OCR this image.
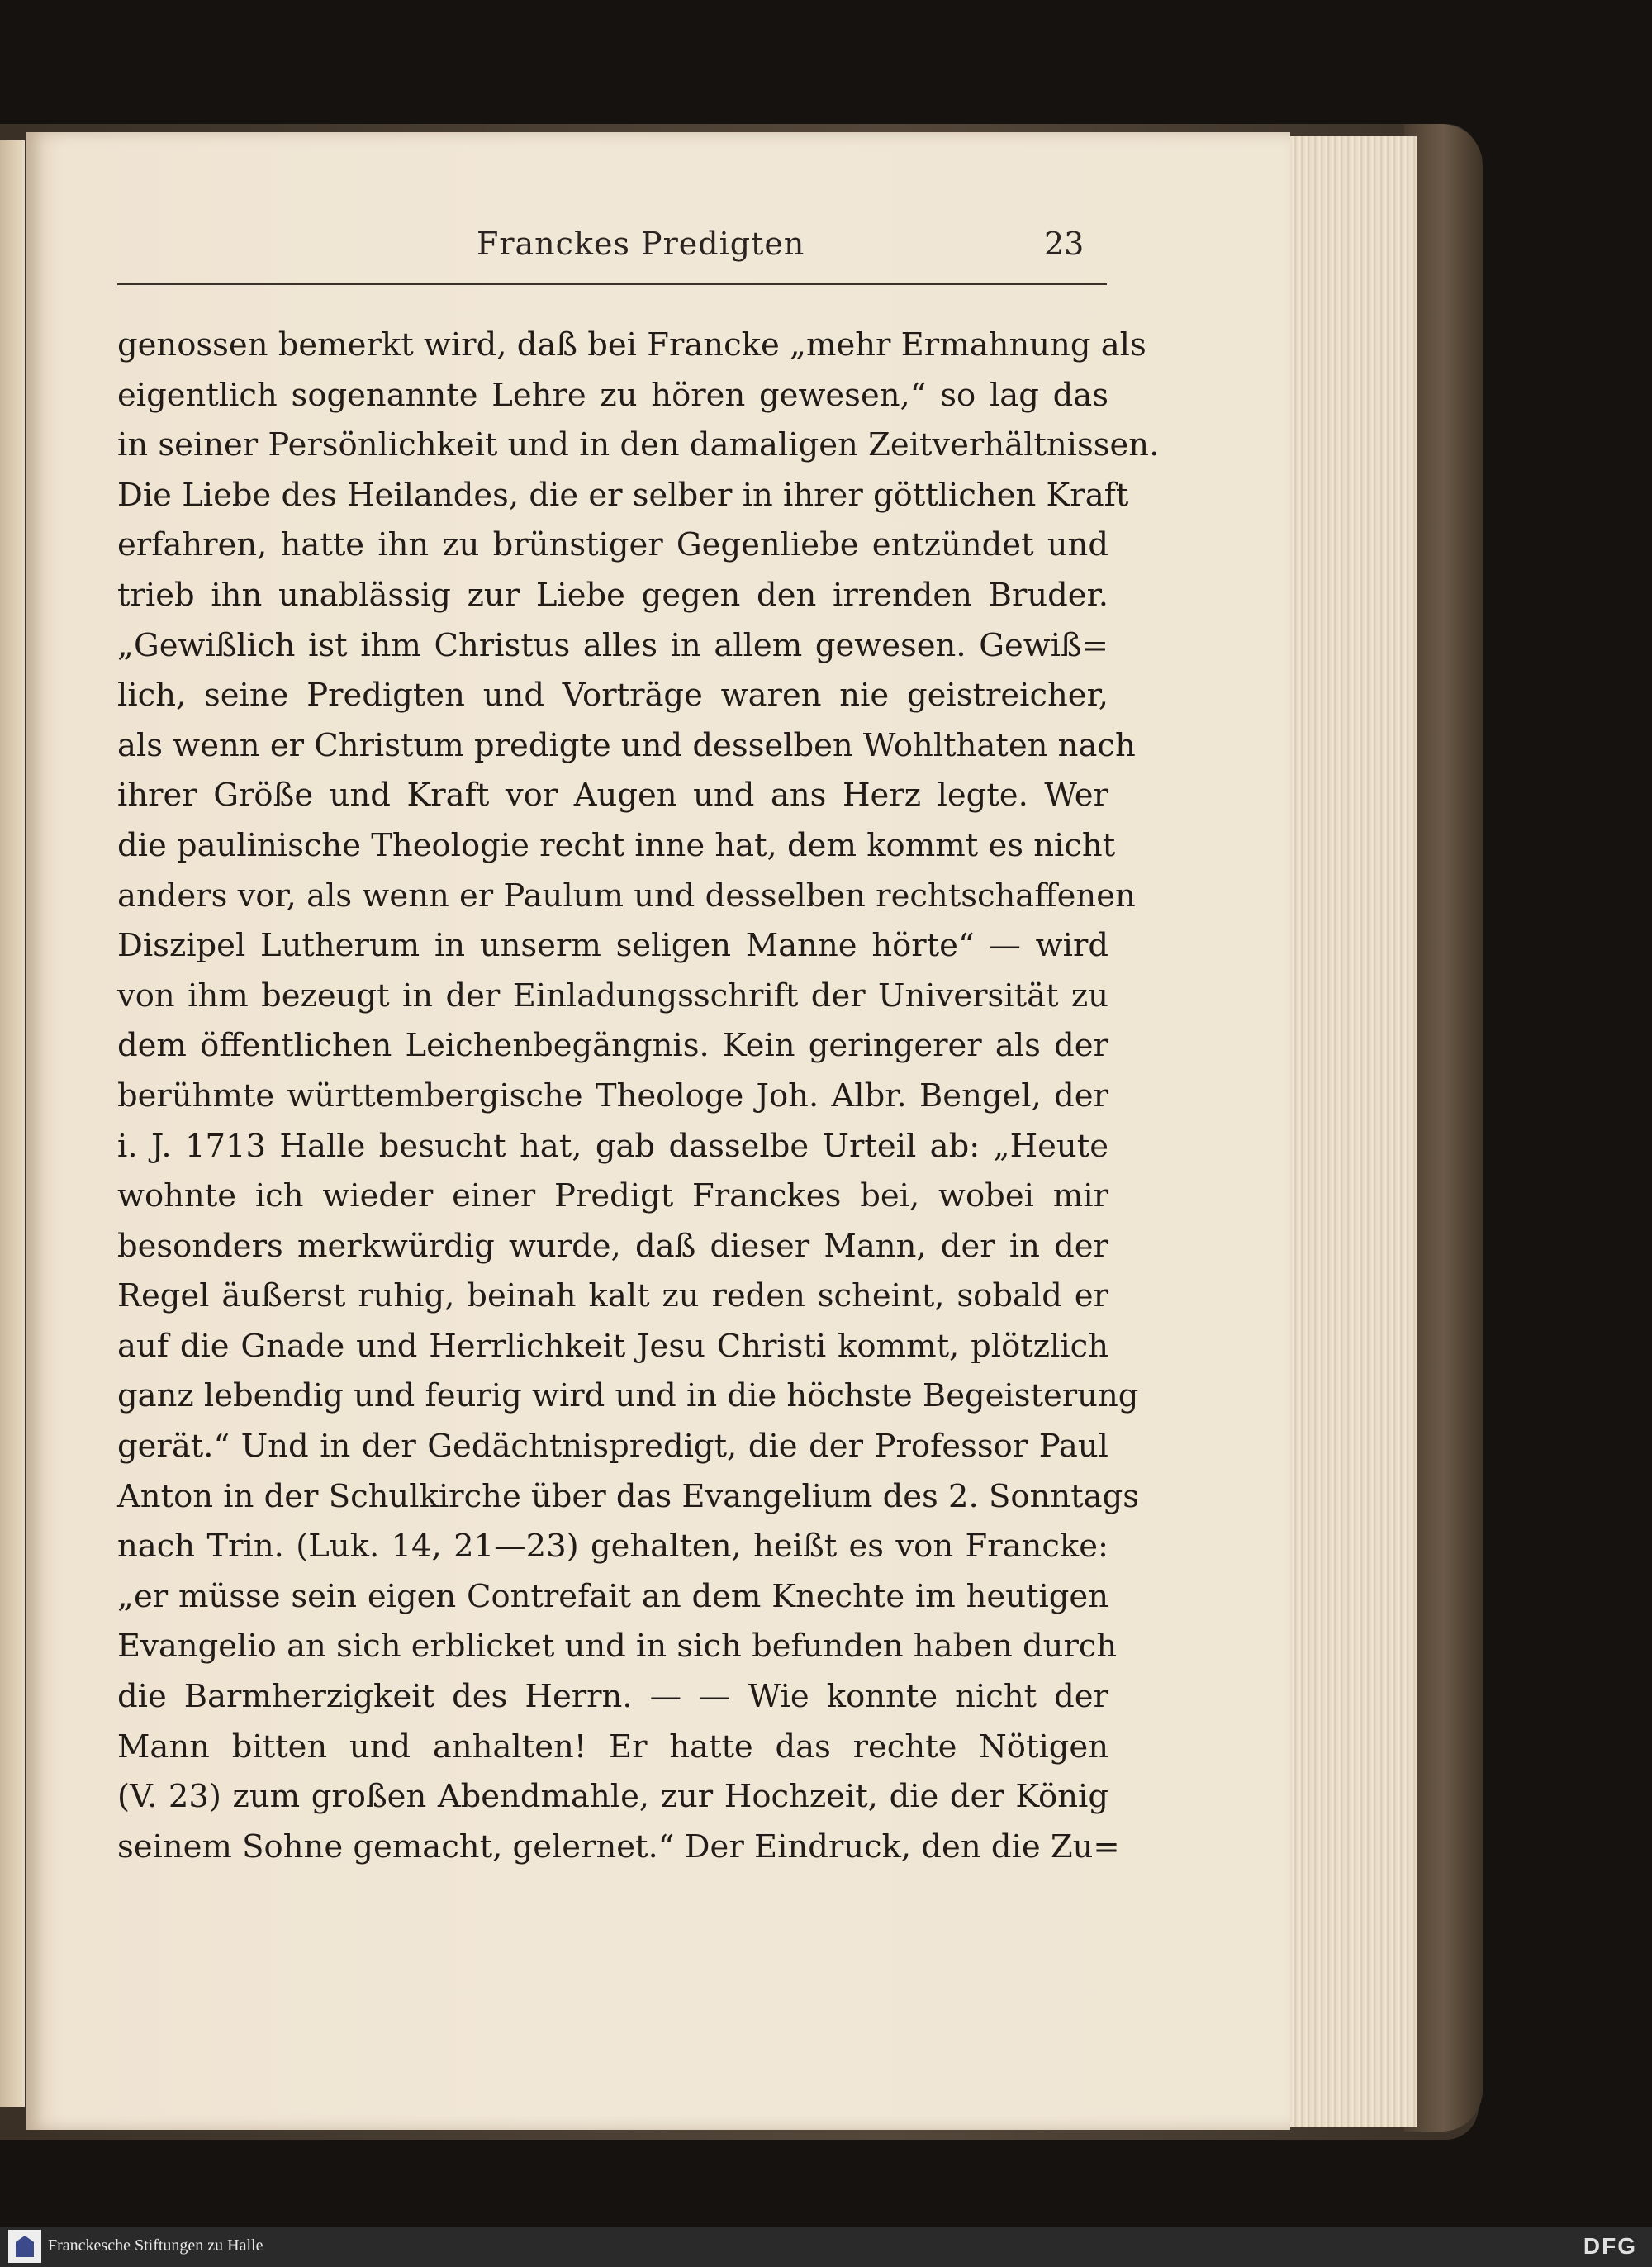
Franckes Predigten	23
genossen bemerkt wird, daß bei Francke „mehr Ermahnung als
eigentlich sogenannte Lehre zu hören gewesen,“ so lag das
in seiner Persönlichkeit und in den damaligen Zeitverhältnissen.
Die Liebe des Heilandes, die er selber in ihrer göttlichen Kraft
erfahren, hatte ihn zu brünstiger Gegenliebe entzündet und
trieb ihn unablässig zur Liebe gegen den irrenden Bruder.
„Gewißlich ist ihm Christus alles in allem gewesen. Gewiß=
lich, seine Predigten und Vorträge waren nie geistreicher,
als wenn er Christum predigte und desselben Wohlthaten nach
ihrer Größe und Kraft vor Augen und ans Herz legte. Wer
die paulinische Theologie recht inne hat, dem kommt es nicht
anders vor, als wenn er Paulum und desselben rechtschaffenen
Diszipel Lutherum in unserm seligen Manne hörte“ — wird
von ihm bezeugt in der Einladungsschrift der Universität zu
dem öffentlichen Leichenbegängnis. Kein geringerer als der
berühmte württembergische Theologe Joh. Albr. Bengel, der
i. J. 1713 Halle besucht hat, gab dasselbe Urteil ab: „Heute
wohnte ich wieder einer Predigt Franckes bei, wobei mir
besonders merkwürdig wurde, daß dieser Mann, der in der
Regel äußerst ruhig, beinah kalt zu reden scheint, sobald er
auf die Gnade und Herrlichkeit Jesu Christi kommt, plötzlich
ganz lebendig und feurig wird und in die höchste Begeisterung
gerät.“ Und in der Gedächtnispredigt, die der Professor Paul
Anton in der Schulkirche über das Evangelium des 2. Sonntags
nach Trin. (Luk. 14, 21—23) gehalten, heißt es von Francke:
„er müsse sein eigen Contrefait an dem Knechte im heutigen
Evangelio an sich erblicket und in sich befunden haben durch
die Barmherzigkeit des Herrn. — — Wie konnte nicht der
Mann bitten und anhalten! Er hatte das rechte Nötigen
(V. 23) zum großen Abendmahle, zur Hochzeit, die der König
seinem Sohne gemacht, gelernet.“ Der Eindruck, den die Zu=
Franckesche Stiftungen zu Halle	DFG
